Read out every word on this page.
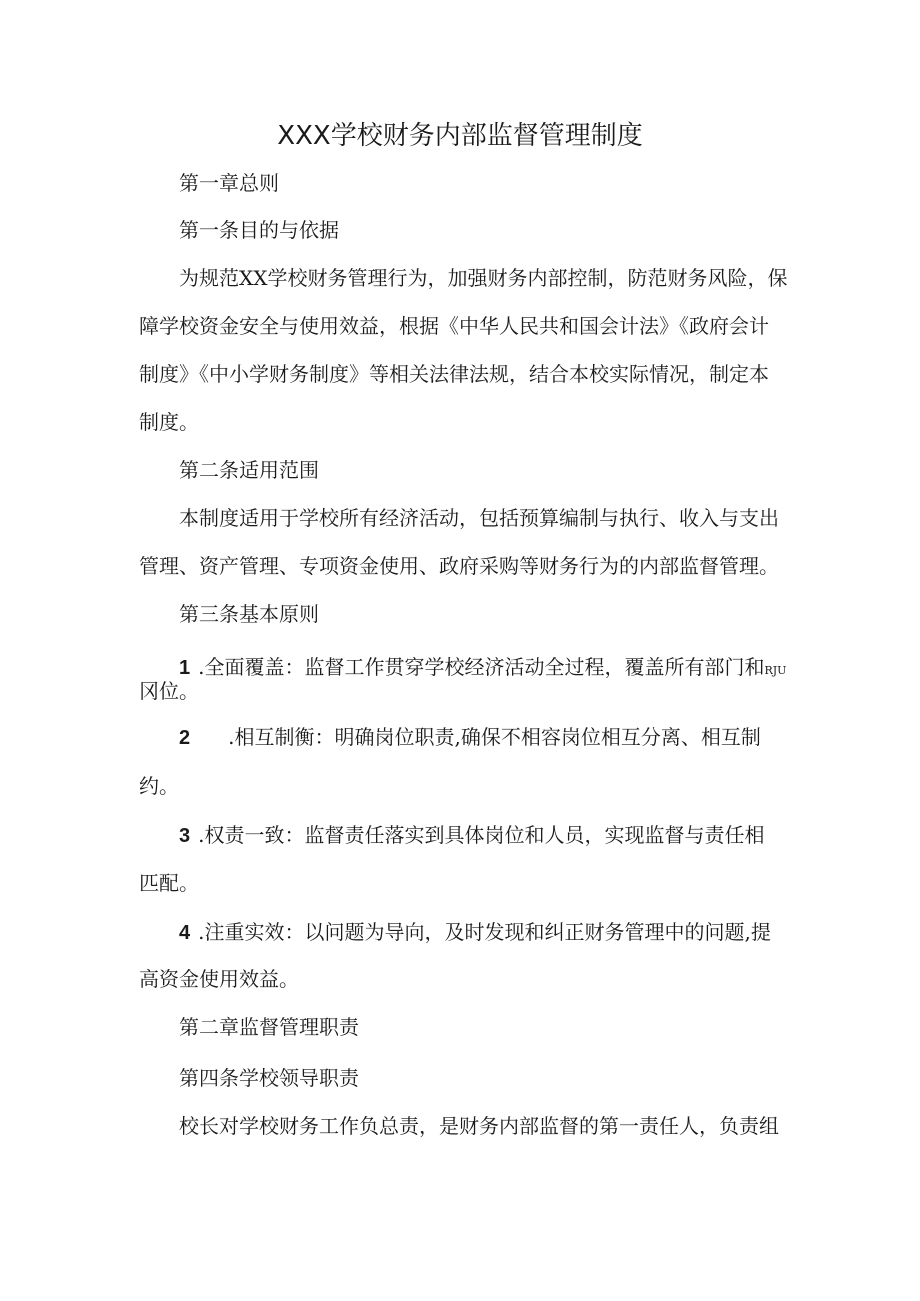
XXX学校财务内部监督管理制度
第一章总则
第一条目的与依据
为规范XX学校财务管理行为，加强财务内部控制，防范财务风险，保
障学校资金安全与使用效益，根据《中华人民共和国会计法》《政府会计
制度》《中小学财务制度》等相关法律法规，结合本校实际情况，制定本
制度。
第二条适用范围
本制度适用于学校所有经济活动，包括预算编制与执行、收入与支出
管理、资产管理、专项资金使用、政府采购等财务行为的内部监督管理。
第三条基本原则
1 .全面覆盖：监督工作贯穿学校经济活动全过程，覆盖所有部门和RJU
冈位。
2 .相互制衡：明确岗位职责,确保不相容岗位相互分离、相互制
约。
3 .权责一致：监督责任落实到具体岗位和人员，实现监督与责任相
匹配。
4 .注重实效：以问题为导向，及时发现和纠正财务管理中的问题,提
高资金使用效益。
第二章监督管理职责
第四条学校领导职责
校长对学校财务工作负总责，是财务内部监督的第一责任人，负责组
